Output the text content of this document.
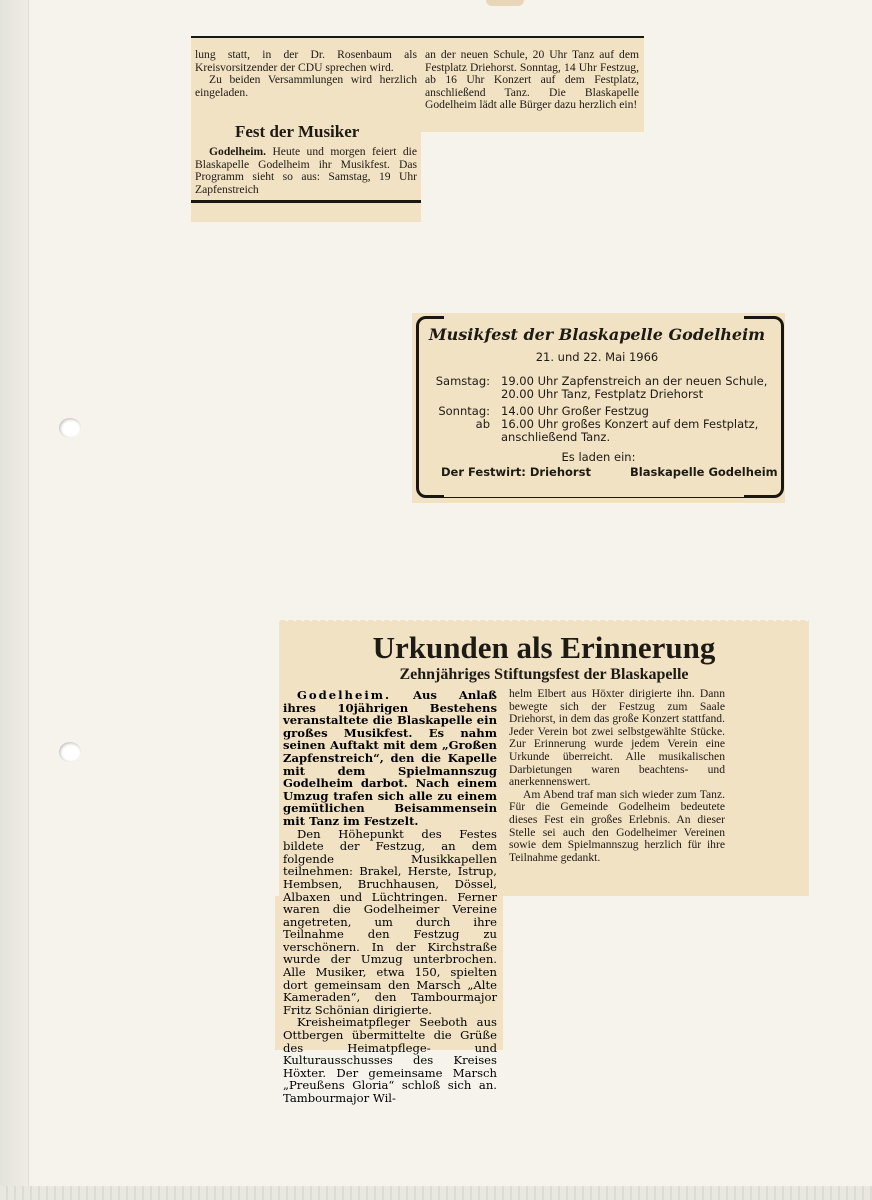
lung statt, in der Dr. Rosenbaum als Kreisvorsitzender der CDU sprechen wird.

Zu beiden Versammlungen wird herzlich eingeladen.

Fest der Musiker

Godelheim. Heute und morgen feiert die Blaskapelle Godelheim ihr Musikfest. Das Programm sieht so aus: Samstag, 19 Uhr Zapfenstreich

an der neuen Schule, 20 Uhr Tanz auf dem Festplatz Driehorst. Sonntag, 14 Uhr Festzug, ab 16 Uhr Konzert auf dem Festplatz, anschließend Tanz. Die Blaskapelle Godelheim lädt alle Bürger dazu herzlich ein!

Musikfest der Blaskapelle Godelheim
21. und 22. Mai 1966
Samstag: 19.00 Uhr Zapfenstreich an der neuen Schule,
20.00 Uhr Tanz, Festplatz Driehorst
Sonntag: 14.00 Uhr Großer Festzug
ab 16.00 Uhr großes Konzert auf dem Festplatz,
anschließend Tanz.
Es laden ein:
Der Festwirt: Driehorst	Blaskapelle Godelheim
Urkunden als Erinnerung
Zehnjähriges Stiftungsfest der Blaskapelle

helm Elbert aus Höxter dirigierte ihn. Dann bewegte sich der Festzug zum Saale Driehorst, in dem das große Konzert stattfand. Jeder Verein bot zwei selbstgewählte Stücke. Zur Erinnerung wurde jedem Verein eine Urkunde überreicht. Alle musikalischen Darbietungen waren beachtens- und anerkennenswert.

Am Abend traf man sich wieder zum Tanz. Für die Gemeinde Godelheim bedeutete dieses Fest ein großes Erlebnis. An dieser Stelle sei auch den Godelheimer Vereinen sowie dem Spielmannszug herzlich für ihre Teilnahme gedankt.

Godelheim. Aus Anlaß ihres 10jährigen Bestehens veranstaltete die Blaskapelle ein großes Musikfest. Es nahm seinen Auftakt mit dem „Großen Zapfenstreich“, den die Kapelle mit dem Spielmannszug Godelheim darbot. Nach einem Umzug trafen sich alle zu einem gemütlichen Beisammensein mit Tanz im Festzelt.

Den Höhepunkt des Festes bildete der Festzug, an dem folgende Musikkapellen teilnehmen: Brakel, Herste, Istrup, Hembsen, Bruchhausen, Dössel, Albaxen und Lüchtringen. Ferner waren die Godelheimer Vereine angetreten, um durch ihre Teilnahme den Festzug zu verschönern. In der Kirchstraße wurde der Umzug unterbrochen. Alle Musiker, etwa 150, spielten dort gemeinsam den Marsch „Alte Kameraden“, den Tambourmajor Fritz Schönian dirigierte.

Kreisheimatpfleger Seeboth aus Ottbergen übermittelte die Grüße des Heimatpflege- und Kulturausschusses des Kreises Höxter. Der gemeinsame Marsch „Preußens Gloria“ schloß sich an. Tambourmajor Wil-
